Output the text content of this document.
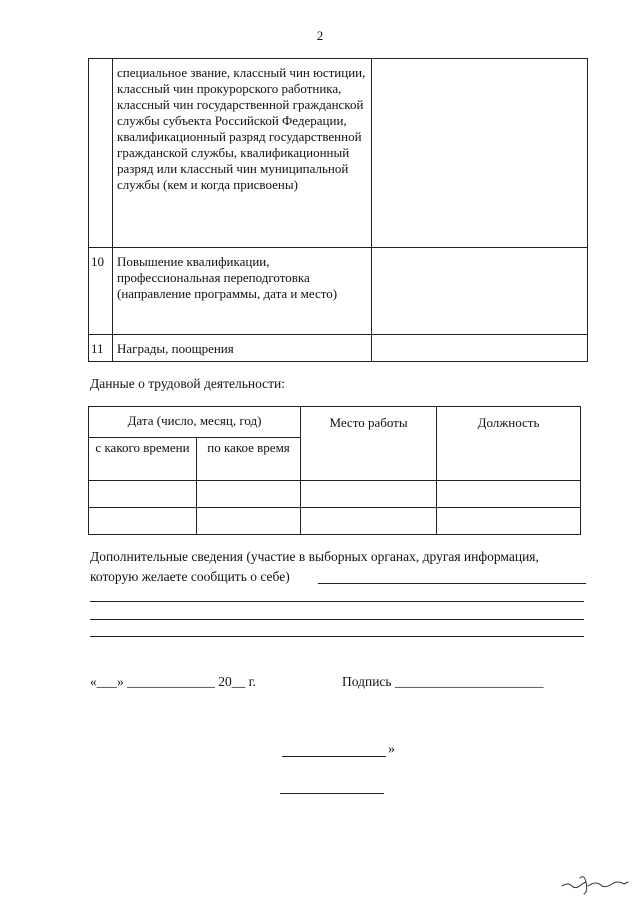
2
	специальное звание, классный чин юстиции, классный чин прокурорского работника, классный чин государственной гражданской службы субъекта Российской Федерации, квалификационный разряд государственной гражданской службы, квалификационный разряд или классный чин муниципальной службы (кем и когда присвоены)	
10	Повышение квалификации, профессиональная переподготовка (направление программы, дата и место)	
11	Награды, поощрения	
Данные о трудовой деятельности:
Дата (число, месяц, год)		Место работы	Должность
с какого времени	по какое время		

Дополнительные сведения (участие в выборных органах, другая информация,
которую желаете сообщить о себе)
«___» _____________ 20__ г.	Подпись ______________________
»
